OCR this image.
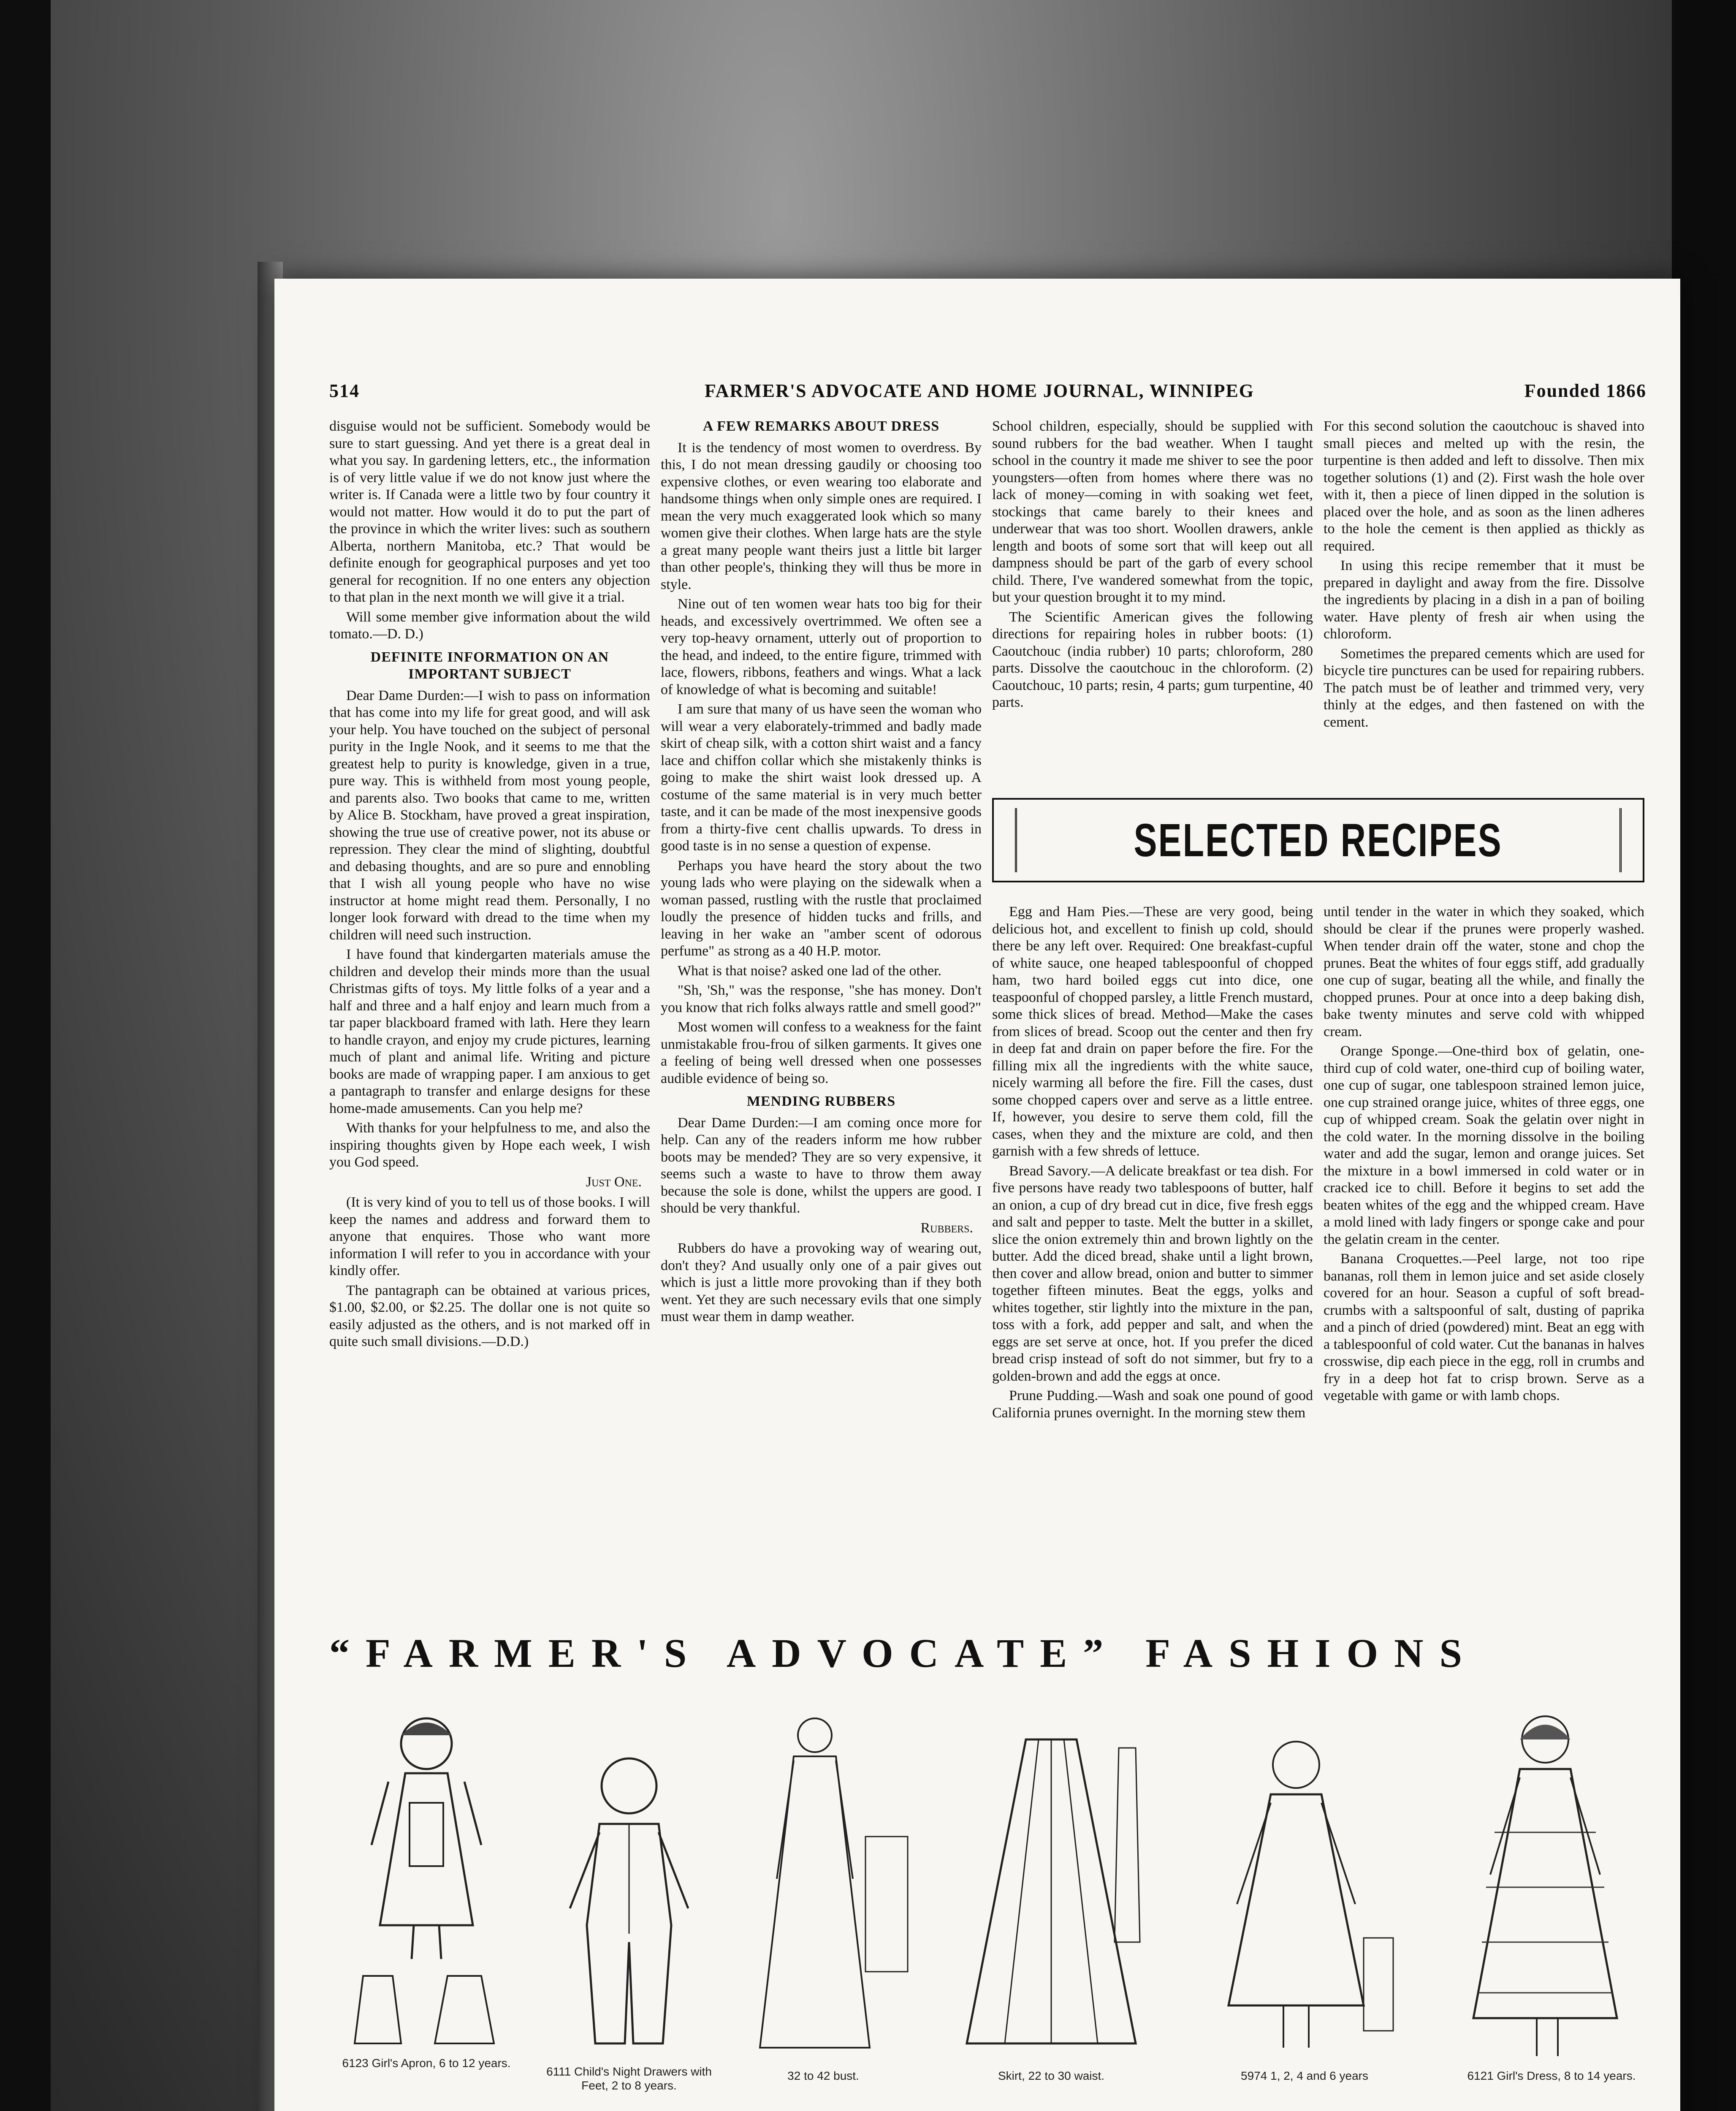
514	FARMER'S ADVOCATE AND HOME JOURNAL, WINNIPEG	Founded 1866

disguise would not be sufficient. Somebody would be sure to start guessing. And yet there is a great deal in what you say. In gardening letters, etc., the information is of very little value if we do not know just where the writer is. If Canada were a little two by four country it would not matter. How would it do to put the part of the province in which the writer lives: such as southern Alberta, northern Manitoba, etc.? That would be definite enough for geographical purposes and yet too general for recognition. If no one enters any objection to that plan in the next month we will give it a trial.

Will some member give information about the wild tomato.—D. D.)

DEFINITE INFORMATION ON AN IMPORTANT SUBJECT

Dear Dame Durden:—I wish to pass on information that has come into my life for great good, and will ask your help. You have touched on the subject of personal purity in the Ingle Nook, and it seems to me that the greatest help to purity is knowledge, given in a true, pure way. This is withheld from most young people, and parents also. Two books that came to me, written by Alice B. Stockham, have proved a great inspiration, showing the true use of creative power, not its abuse or repression. They clear the mind of slighting, doubtful and debasing thoughts, and are so pure and ennobling that I wish all young people who have no wise instructor at home might read them. Personally, I no longer look forward with dread to the time when my children will need such instruction.

I have found that kindergarten materials amuse the children and develop their minds more than the usual Christmas gifts of toys. My little folks of a year and a half and three and a half enjoy and learn much from a tar paper blackboard framed with lath. Here they learn to handle crayon, and enjoy my crude pictures, learning much of plant and animal life. Writing and picture books are made of wrapping paper. I am anxious to get a pantagraph to transfer and enlarge designs for these home-made amusements. Can you help me?

With thanks for your helpfulness to me, and also the inspiring thoughts given by Hope each week, I wish you God speed.

Just One.

(It is very kind of you to tell us of those books. I will keep the names and address and forward them to anyone that enquires. Those who want more information I will refer to you in accordance with your kindly offer.

The pantagraph can be obtained at various prices, $1.00, $2.00, or $2.25. The dollar one is not quite so easily adjusted as the others, and is not marked off in quite such small divisions.—D.D.)

A FEW REMARKS ABOUT DRESS

It is the tendency of most women to overdress. By this, I do not mean dressing gaudily or choosing too expensive clothes, or even wearing too elaborate and handsome things when only simple ones are required. I mean the very much exaggerated look which so many women give their clothes. When large hats are the style a great many people want theirs just a little bit larger than other people's, thinking they will thus be more in style.

Nine out of ten women wear hats too big for their heads, and excessively overtrimmed. We often see a very top-heavy ornament, utterly out of proportion to the head, and indeed, to the entire figure, trimmed with lace, flowers, ribbons, feathers and wings. What a lack of knowledge of what is becoming and suitable!

I am sure that many of us have seen the woman who will wear a very elaborately-trimmed and badly made skirt of cheap silk, with a cotton shirt waist and a fancy lace and chiffon collar which she mistakenly thinks is going to make the shirt waist look dressed up. A costume of the same material is in very much better taste, and it can be made of the most inexpensive goods from a thirty-five cent challis upwards. To dress in good taste is in no sense a question of expense.

Perhaps you have heard the story about the two young lads who were playing on the sidewalk when a woman passed, rustling with the rustle that proclaimed loudly the presence of hidden tucks and frills, and leaving in her wake an "amber scent of odorous perfume" as strong as a 40 H.P. motor.

What is that noise? asked one lad of the other.

"Sh, 'Sh," was the response, "she has money. Don't you know that rich folks always rattle and smell good?"

Most women will confess to a weakness for the faint unmistakable frou-frou of silken garments. It gives one a feeling of being well dressed when one possesses audible evidence of being so.

MENDING RUBBERS

Dear Dame Durden:—I am coming once more for help. Can any of the readers inform me how rubber boots may be mended? They are so very expensive, it seems such a waste to have to throw them away because the sole is done, whilst the uppers are good. I should be very thankful.

Rubbers.

Rubbers do have a provoking way of wearing out, don't they? And usually only one of a pair gives out which is just a little more provoking than if they both went. Yet they are such necessary evils that one simply must wear them in damp weather.

School children, especially, should be supplied with sound rubbers for the bad weather. When I taught school in the country it made me shiver to see the poor youngsters—often from homes where there was no lack of money—coming in with soaking wet feet, stockings that came barely to their knees and underwear that was too short. Woollen drawers, ankle length and boots of some sort that will keep out all dampness should be part of the garb of every school child. There, I've wandered somewhat from the topic, but your question brought it to my mind.

The Scientific American gives the following directions for repairing holes in rubber boots: (1) Caoutchouc (india rubber) 10 parts; chloroform, 280 parts. Dissolve the caoutchouc in the chloroform. (2) Caoutchouc, 10 parts; resin, 4 parts; gum turpentine, 40 parts.

For this second solution the caoutchouc is shaved into small pieces and melted up with the resin, the turpentine is then added and left to dissolve. Then mix together solutions (1) and (2). First wash the hole over with it, then a piece of linen dipped in the solution is placed over the hole, and as soon as the linen adheres to the hole the cement is then applied as thickly as required.

In using this recipe remember that it must be prepared in daylight and away from the fire. Dissolve the ingredients by placing in a dish in a pan of boiling water. Have plenty of fresh air when using the chloroform.

Sometimes the prepared cements which are used for bicycle tire punctures can be used for repairing rubbers. The patch must be of leather and trimmed very, very thinly at the edges, and then fastened on with the cement.

SELECTED RECIPES

Egg and Ham Pies.—These are very good, being delicious hot, and excellent to finish up cold, should there be any left over. Required: One breakfast-cupful of white sauce, one heaped tablespoonful of chopped ham, two hard boiled eggs cut into dice, one teaspoonful of chopped parsley, a little French mustard, some thick slices of bread. Method—Make the cases from slices of bread. Scoop out the center and then fry in deep fat and drain on paper before the fire. For the filling mix all the ingredients with the white sauce, nicely warming all before the fire. Fill the cases, dust some chopped capers over and serve as a little entree. If, however, you desire to serve them cold, fill the cases, when they and the mixture are cold, and then garnish with a few shreds of lettuce.

Bread Savory.—A delicate breakfast or tea dish. For five persons have ready two tablespoons of butter, half an onion, a cup of dry bread cut in dice, five fresh eggs and salt and pepper to taste. Melt the butter in a skillet, slice the onion extremely thin and brown lightly on the butter. Add the diced bread, shake until a light brown, then cover and allow bread, onion and butter to simmer together fifteen minutes. Beat the eggs, yolks and whites together, stir lightly into the mixture in the pan, toss with a fork, add pepper and salt, and when the eggs are set serve at once, hot. If you prefer the diced bread crisp instead of soft do not simmer, but fry to a golden-brown and add the eggs at once.

Prune Pudding.—Wash and soak one pound of good California prunes overnight. In the morning stew them

until tender in the water in which they soaked, which should be clear if the prunes were properly washed. When tender drain off the water, stone and chop the prunes. Beat the whites of four eggs stiff, add gradually one cup of sugar, beating all the while, and finally the chopped prunes. Pour at once into a deep baking dish, bake twenty minutes and serve cold with whipped cream.

Orange Sponge.—One-third box of gelatin, one-third cup of cold water, one-third cup of boiling water, one cup of sugar, one tablespoon strained lemon juice, one cup strained orange juice, whites of three eggs, one cup of whipped cream. Soak the gelatin over night in the cold water. In the morning dissolve in the boiling water and add the sugar, lemon and orange juices. Set the mixture in a bowl immersed in cold water or in cracked ice to chill. Before it begins to set add the beaten whites of the egg and the whipped cream. Have a mold lined with lady fingers or sponge cake and pour the gelatin cream in the center.

Banana Croquettes.—Peel large, not too ripe bananas, roll them in lemon juice and set aside closely covered for an hour. Season a cupful of soft bread-crumbs with a saltspoonful of salt, dusting of paprika and a pinch of dried (powdered) mint. Beat an egg with a tablespoonful of cold water. Cut the bananas in halves crosswise, dip each piece in the egg, roll in crumbs and fry in a deep hot fat to crisp brown. Serve as a vegetable with game or with lamb chops.

“FARMER'S ADVOCATE” FASHIONS
6123 Girl's Apron, 6 to 12 years.
6111 Child's Night Drawers with Feet, 2 to 8 years.
32 to 42 bust.	Skirt, 22 to 30 waist.	5974 1, 2, 4 and 6 years	6121 Girl's Dress, 8 to 14 years.
